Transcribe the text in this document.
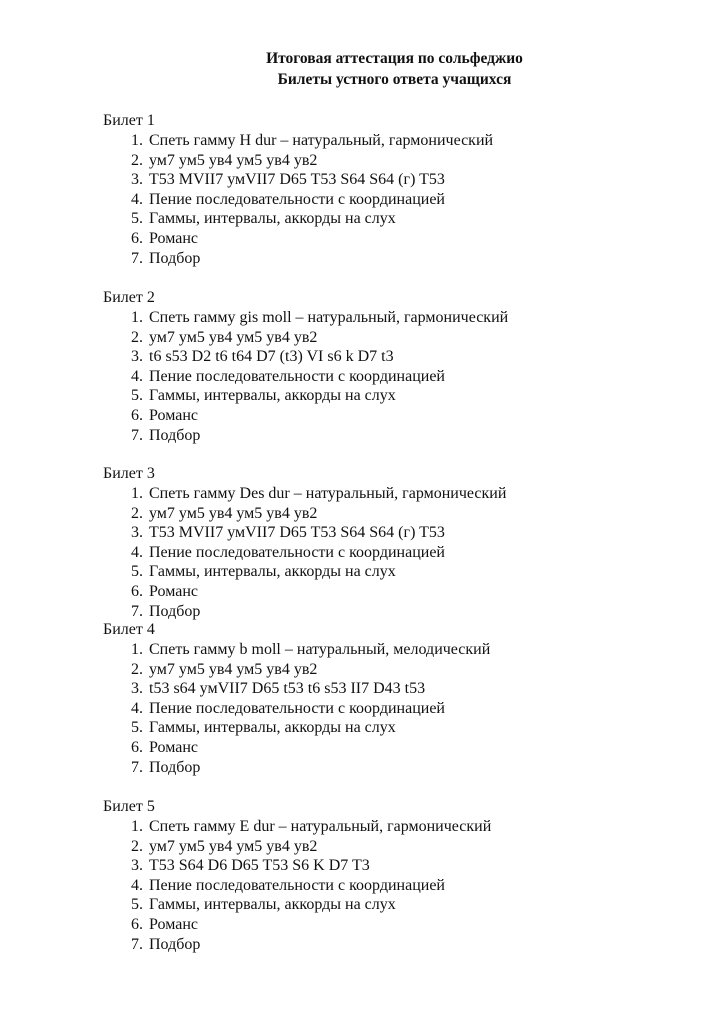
Итоговая аттестация по сольфеджио
Билеты устного ответа учащихся
Билет 1
1. Спеть гамму H dur – натуральный, гармонический
2. ум7 ум5 ув4 ум5 ув4 ув2
3. Т53 МVII7 умVII7 D65 T53 S64 S64 (г) T53
4. Пение последовательности с координацией
5. Гаммы, интервалы, аккорды на слух
6. Романс
7. Подбор
Билет 2
1. Спеть гамму gis moll – натуральный, гармонический
2. ум7 ум5 ув4 ум5 ув4 ув2
3. t6 s53 D2 t6 t64 D7 (t3) VI s6 k D7 t3
4. Пение последовательности с координацией
5. Гаммы, интервалы, аккорды на слух
6. Романс
7. Подбор
Билет 3
1. Спеть гамму Des dur – натуральный, гармонический
2. ум7 ум5 ув4 ум5 ув4 ув2
3. Т53 МVII7 умVII7 D65 T53 S64 S64 (г) T53
4. Пение последовательности с координацией
5. Гаммы, интервалы, аккорды на слух
6. Романс
7. Подбор
Билет 4
1. Спеть гамму b moll – натуральный, мелодический
2. ум7 ум5 ув4 ум5 ув4 ув2
3. t53 s64 умVII7 D65 t53 t6 s53 II7 D43 t53
4. Пение последовательности с координацией
5. Гаммы, интервалы, аккорды на слух
6. Романс
7. Подбор
Билет 5
1. Спеть гамму E dur – натуральный, гармонический
2. ум7 ум5 ув4 ум5 ув4 ув2
3. T53 S64 D6 D65 T53 S6 K D7 T3
4. Пение последовательности с координацией
5. Гаммы, интервалы, аккорды на слух
6. Романс
7. Подбор
